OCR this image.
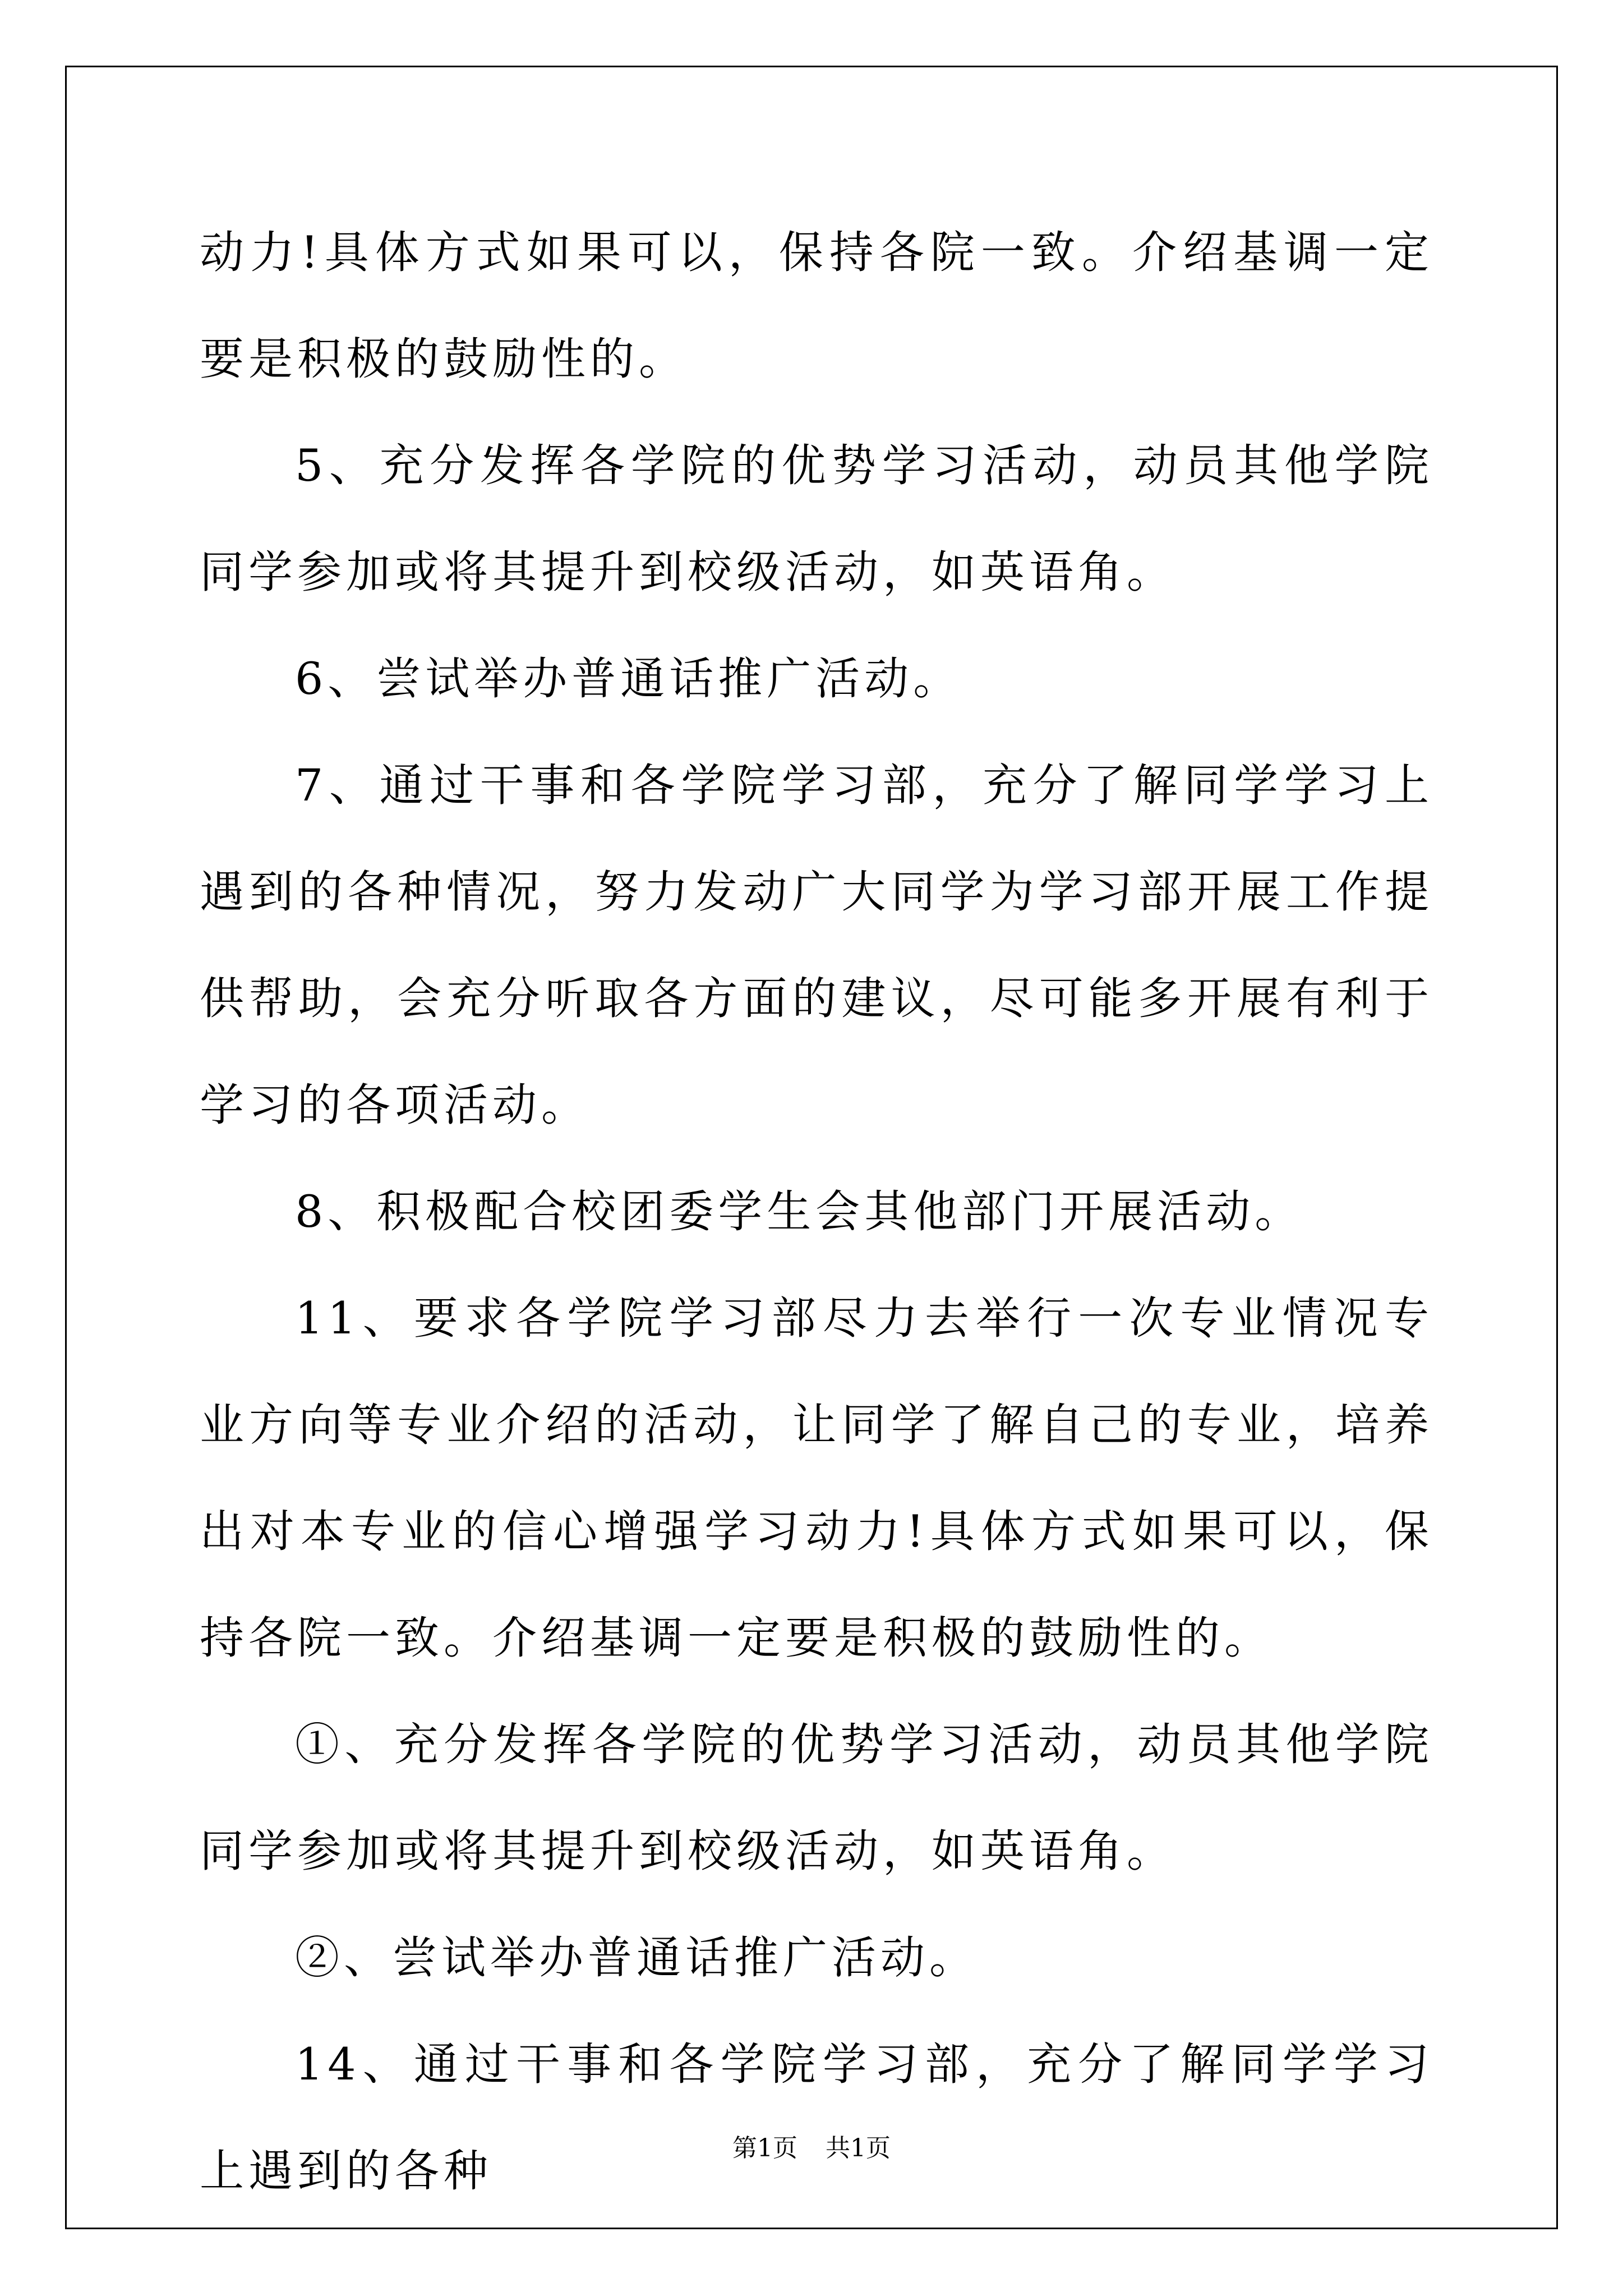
动力!具体方式如果可以，保持各院一致。介绍基调一定要是积极的鼓励性的。

5、充分发挥各学院的优势学习活动，动员其他学院同学参加或将其提升到校级活动，如英语角。

6、尝试举办普通话推广活动。

7、通过干事和各学院学习部，充分了解同学学习上遇到的各种情况，努力发动广大同学为学习部开展工作提供帮助，会充分听取各方面的建议，尽可能多开展有利于学习的各项活动。

8、积极配合校团委学生会其他部门开展活动。

11、要求各学院学习部尽力去举行一次专业情况专业方向等专业介绍的活动，让同学了解自己的专业，培养出对本专业的信心增强学习动力!具体方式如果可以，保持各院一致。介绍基调一定要是积极的鼓励性的。

①、充分发挥各学院的优势学习活动，动员其他学院同学参加或将其提升到校级活动，如英语角。

②、尝试举办普通话推广活动。

14、通过干事和各学院学习部，充分了解同学学习上遇到的各种	第1页 共1页
